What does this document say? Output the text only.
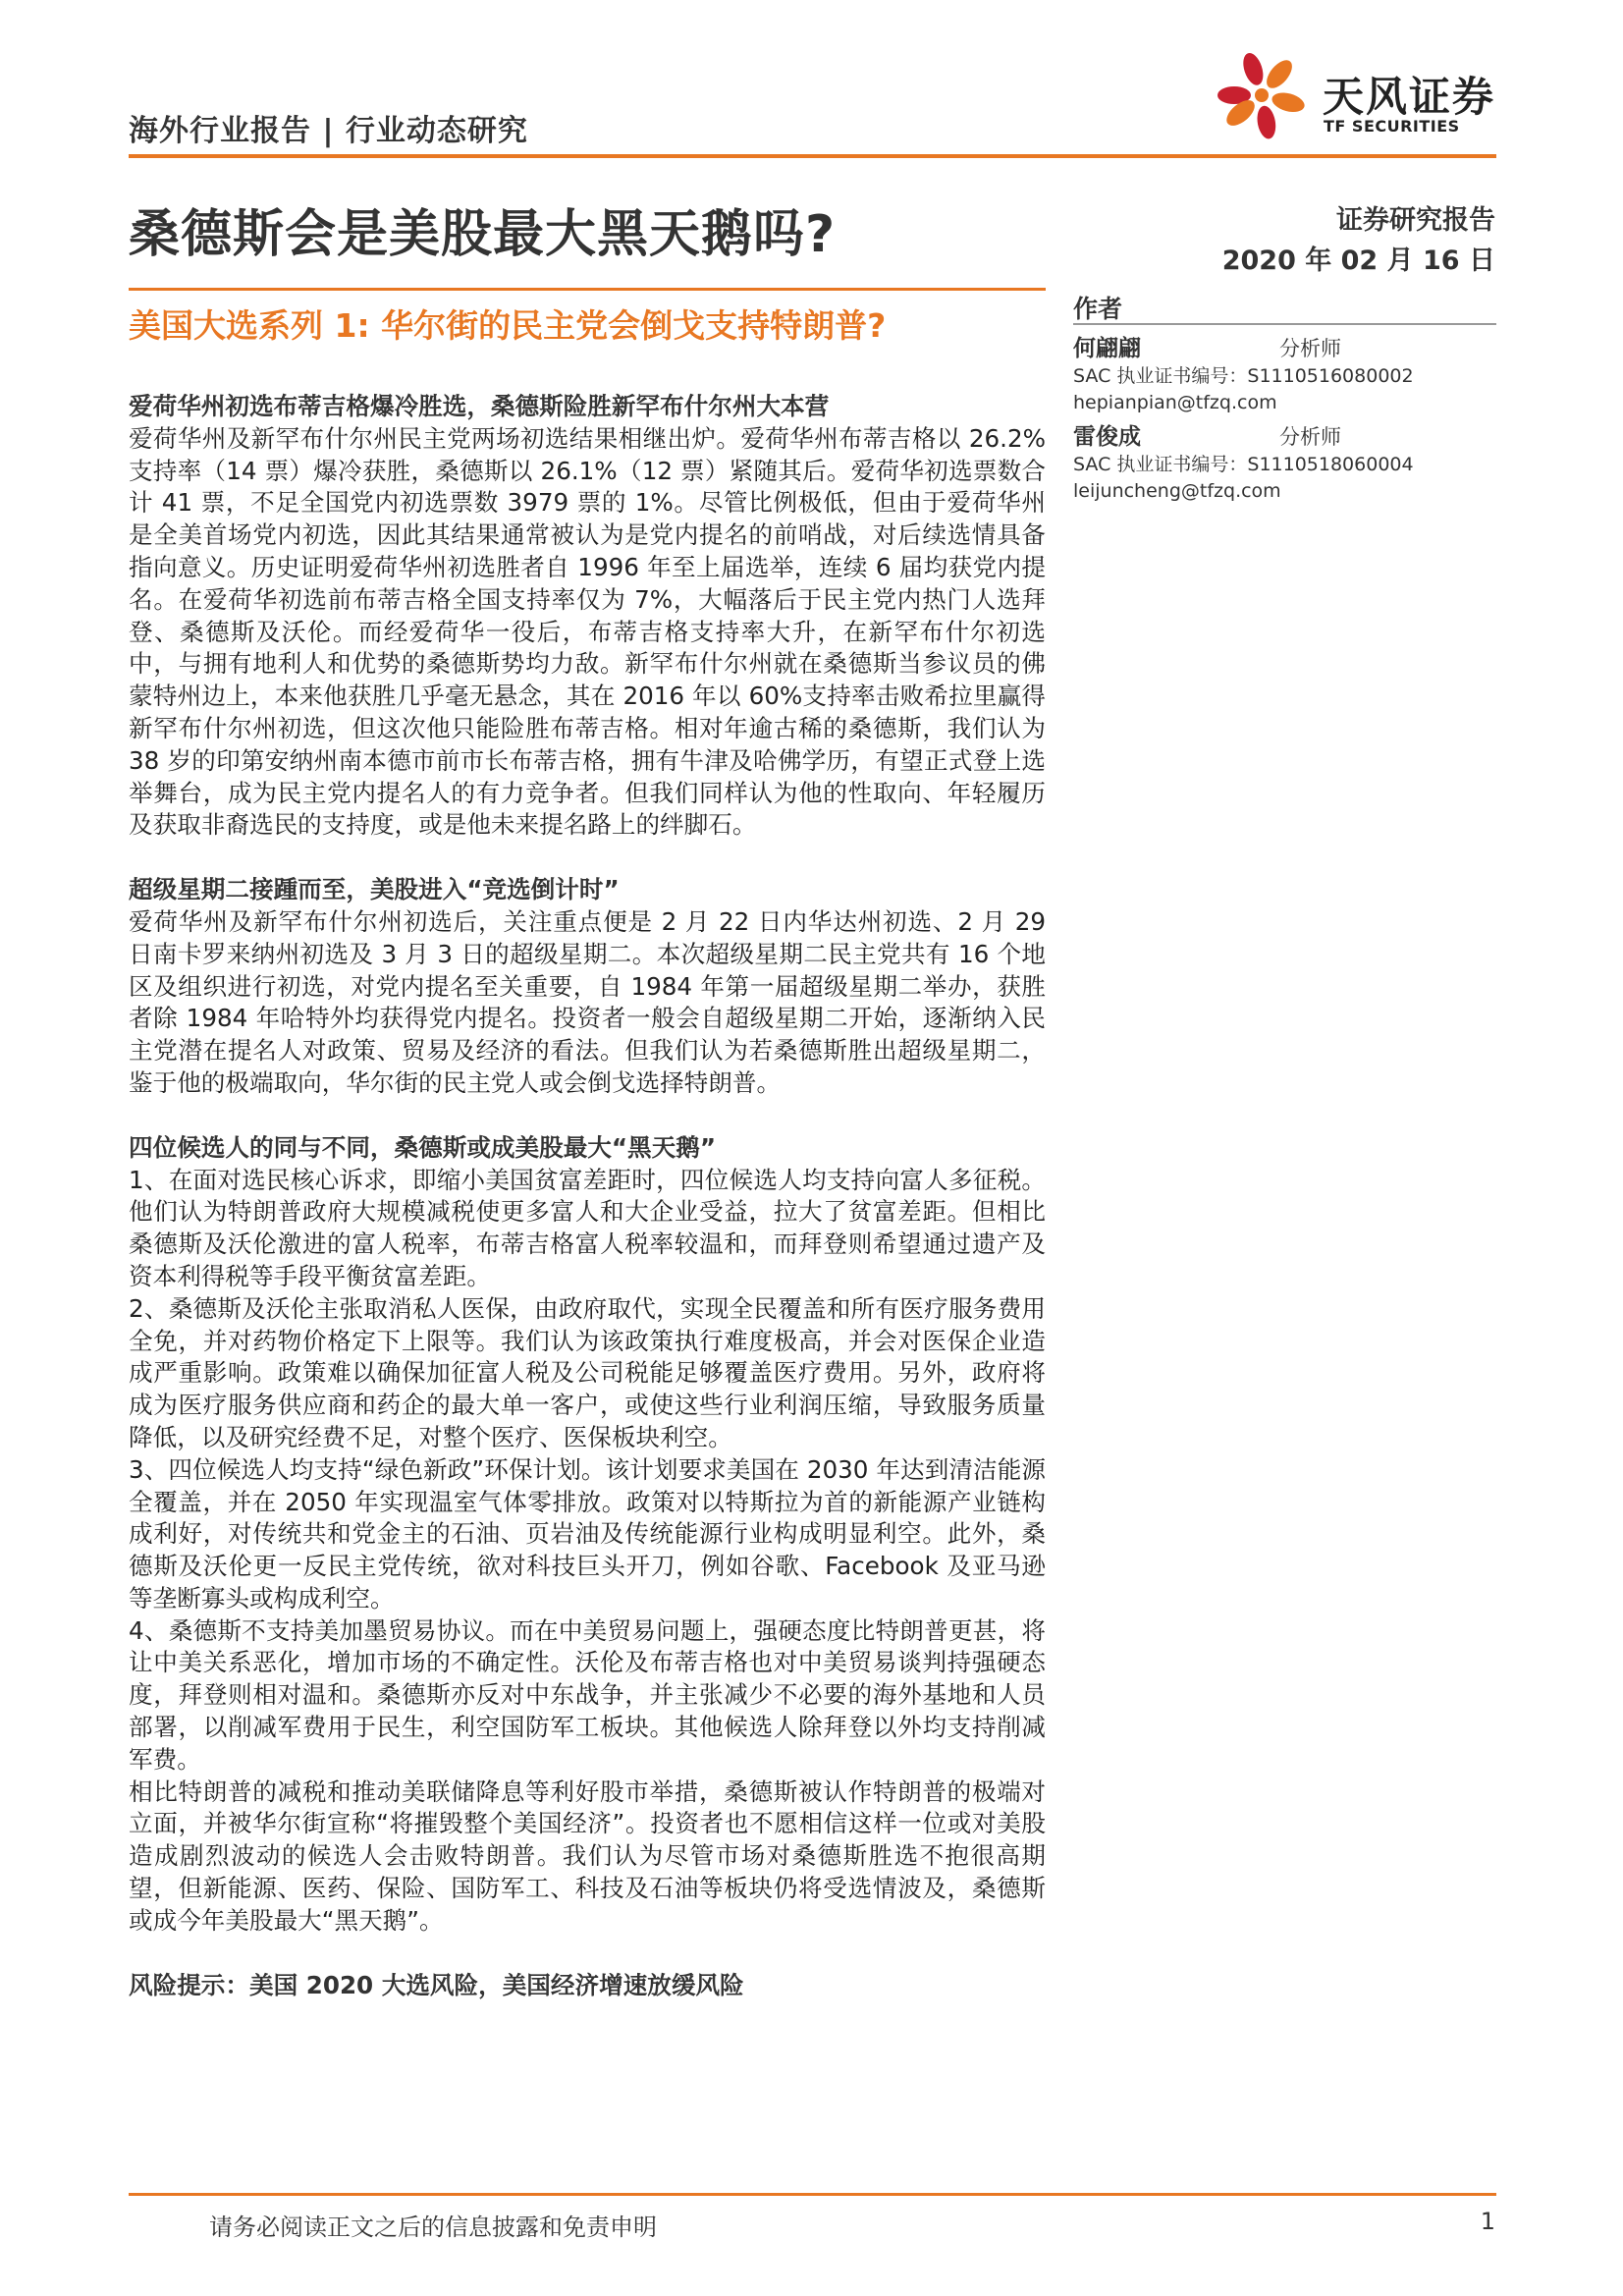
海外行业报告 | 行业动态研究
天风证券
TF SECURITIES
桑德斯会是美股最大黑天鹅吗?	证券研究报告
2020 年 02 月 16 日
美国大选系列 1: 华尔街的民主党会倒戈支持特朗普?	作者
何翩翩	分析师
SAC 执业证书编号：S1110516080002
hepianpian@tfzq.com
雷俊成	分析师
SAC 执业证书编号：S1110518060004
leijuncheng@tfzq.com

爱荷华州初选布蒂吉格爆冷胜选，桑德斯险胜新罕布什尔州大本营

爱荷华州及新罕布什尔州民主党两场初选结果相继出炉。爱荷华州布蒂吉格以 26.2%支持率（14 票）爆冷获胜，桑德斯以 26.1%（12 票）紧随其后。爱荷华初选票数合计 41 票，不足全国党内初选票数 3979 票的 1%。尽管比例极低，但由于爱荷华州是全美首场党内初选，因此其结果通常被认为是党内提名的前哨战，对后续选情具备指向意义。历史证明爱荷华州初选胜者自 1996 年至上届选举，连续 6 届均获党内提名。在爱荷华初选前布蒂吉格全国支持率仅为 7%，大幅落后于民主党内热门人选拜登、桑德斯及沃伦。而经爱荷华一役后，布蒂吉格支持率大升，在新罕布什尔初选中，与拥有地利人和优势的桑德斯势均力敌。新罕布什尔州就在桑德斯当参议员的佛蒙特州边上，本来他获胜几乎毫无悬念，其在 2016 年以 60%支持率击败希拉里赢得新罕布什尔州初选，但这次他只能险胜布蒂吉格。相对年逾古稀的桑德斯，我们认为 38 岁的印第安纳州南本德市前市长布蒂吉格，拥有牛津及哈佛学历，有望正式登上选举舞台，成为民主党内提名人的有力竞争者。但我们同样认为他的性取向、年轻履历及获取非裔选民的支持度，或是他未来提名路上的绊脚石。

超级星期二接踵而至，美股进入“竞选倒计时”

爱荷华州及新罕布什尔州初选后，关注重点便是 2 月 22 日内华达州初选、2 月 29 日南卡罗来纳州初选及 3 月 3 日的超级星期二。本次超级星期二民主党共有 16 个地区及组织进行初选，对党内提名至关重要，自 1984 年第一届超级星期二举办，获胜者除 1984 年哈特外均获得党内提名。投资者一般会自超级星期二开始，逐渐纳入民主党潜在提名人对政策、贸易及经济的看法。但我们认为若桑德斯胜出超级星期二，鉴于他的极端取向，华尔街的民主党人或会倒戈选择特朗普。

四位候选人的同与不同，桑德斯或成美股最大“黑天鹅”

1、在面对选民核心诉求，即缩小美国贫富差距时，四位候选人均支持向富人多征税。他们认为特朗普政府大规模减税使更多富人和大企业受益，拉大了贫富差距。但相比桑德斯及沃伦激进的富人税率，布蒂吉格富人税率较温和，而拜登则希望通过遗产及资本利得税等手段平衡贫富差距。

2、桑德斯及沃伦主张取消私人医保，由政府取代，实现全民覆盖和所有医疗服务费用全免，并对药物价格定下上限等。我们认为该政策执行难度极高，并会对医保企业造成严重影响。政策难以确保加征富人税及公司税能足够覆盖医疗费用。另外，政府将成为医疗服务供应商和药企的最大单一客户，或使这些行业利润压缩，导致服务质量降低，以及研究经费不足，对整个医疗、医保板块利空。

3、四位候选人均支持“绿色新政”环保计划。该计划要求美国在 2030 年达到清洁能源全覆盖，并在 2050 年实现温室气体零排放。政策对以特斯拉为首的新能源产业链构成利好，对传统共和党金主的石油、页岩油及传统能源行业构成明显利空。此外，桑德斯及沃伦更一反民主党传统，欲对科技巨头开刀，例如谷歌、Facebook 及亚马逊等垄断寡头或构成利空。

4、桑德斯不支持美加墨贸易协议。而在中美贸易问题上，强硬态度比特朗普更甚，将让中美关系恶化，增加市场的不确定性。沃伦及布蒂吉格也对中美贸易谈判持强硬态度，拜登则相对温和。桑德斯亦反对中东战争，并主张减少不必要的海外基地和人员部署，以削减军费用于民生，利空国防军工板块。其他候选人除拜登以外均支持削减军费。

相比特朗普的减税和推动美联储降息等利好股市举措，桑德斯被认作特朗普的极端对立面，并被华尔街宣称“将摧毁整个美国经济”。投资者也不愿相信这样一位或对美股造成剧烈波动的候选人会击败特朗普。我们认为尽管市场对桑德斯胜选不抱很高期望，但新能源、医药、保险、国防军工、科技及石油等板块仍将受选情波及，桑德斯或成今年美股最大“黑天鹅”。

风险提示：美国 2020 大选风险，美国经济增速放缓风险

请务必阅读正文之后的信息披露和免责申明	1
